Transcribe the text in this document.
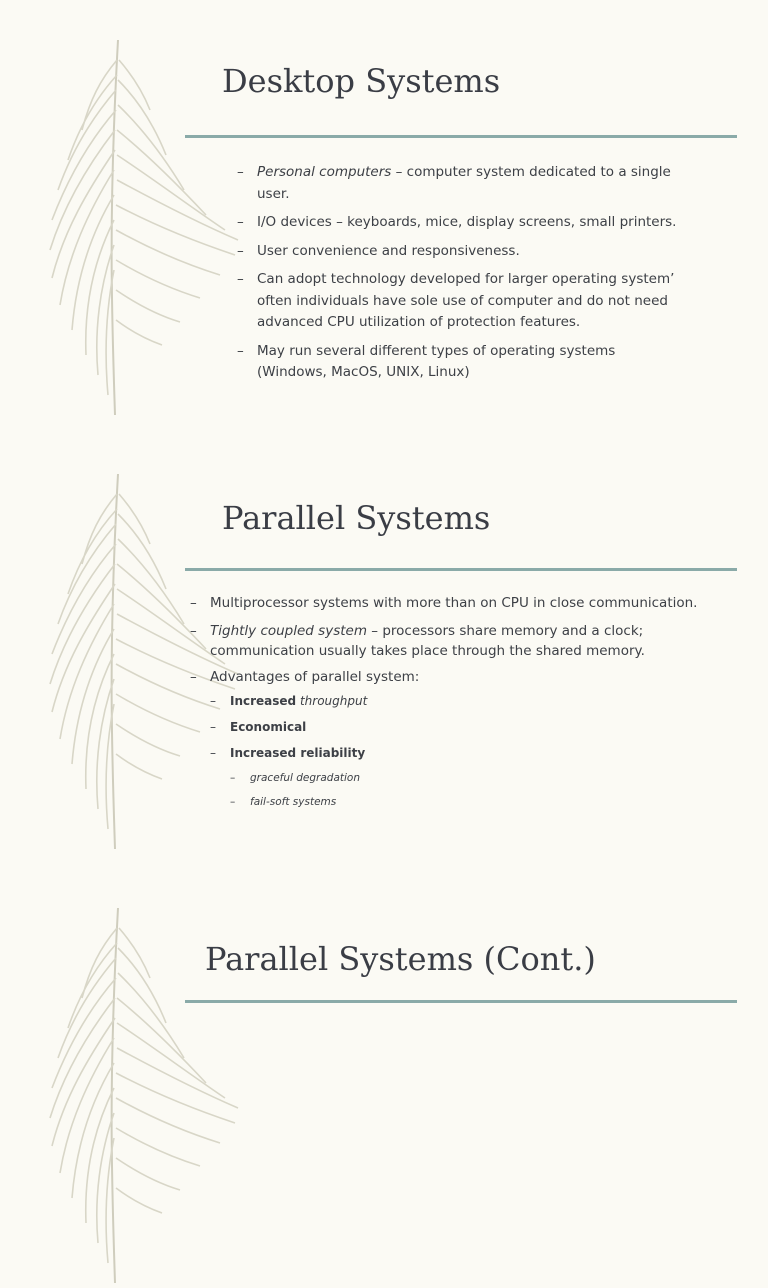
Desktop Systems
– Personal computers – computer system dedicated to a single user.
– I/O devices – keyboards, mice, display screens, small printers.
– User convenience and responsiveness.
– Can adopt technology developed for larger operating system’ often individuals have sole use of computer and do not need advanced CPU utilization of protection features.
– May run several different types of operating systems (Windows, MacOS, UNIX, Linux)
Parallel Systems
– Multiprocessor systems with more than on CPU in close communication.
– Tightly coupled system – processors share memory and a clock; communication usually takes place through the shared memory.
– Advantages of parallel system:
– Increased throughput
– Economical
– Increased reliability
– graceful degradation
– fail-soft systems
Parallel Systems (Cont.)
